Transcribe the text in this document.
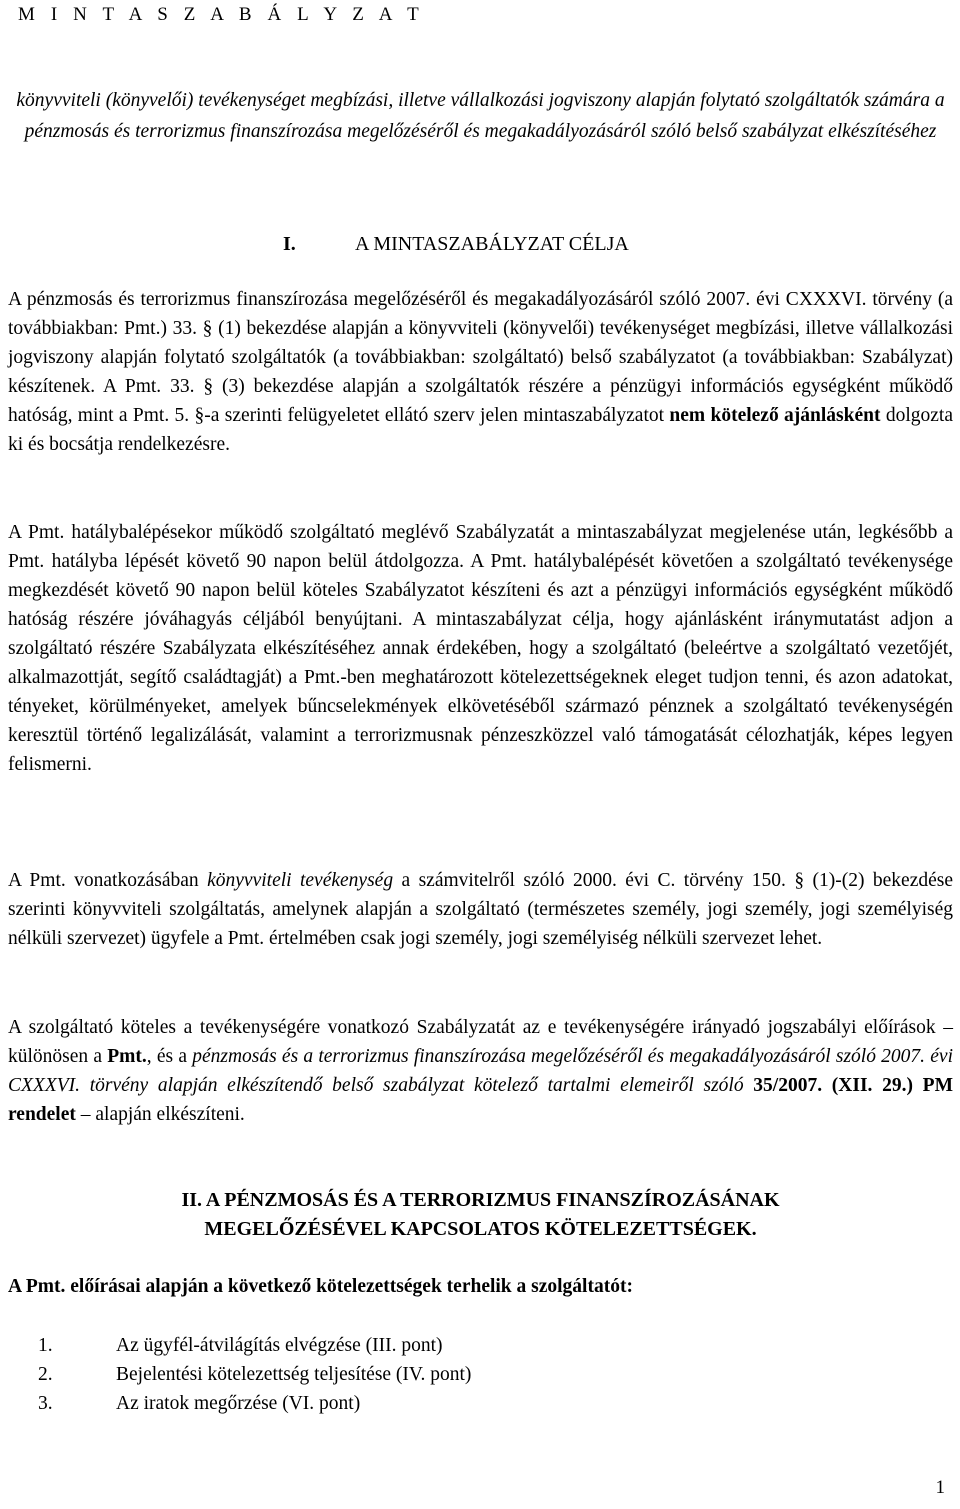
M I N T A S Z A B Á L Y Z A T

könyvviteli (könyvelői) tevékenységet megbízási, illetve vállalkozási jogviszony alapján folytató szolgáltatók számára a pénzmosás és terrorizmus finanszírozása megelőzéséről és megakadályozásáról szóló belső szabályzat elkészítéséhez

I.	A MINTASZABÁLYZAT CÉLJA

A pénzmosás és terrorizmus finanszírozása megelőzéséről és megakadályozásáról szóló 2007. évi CXXXVI. törvény (a továbbiakban: Pmt.) 33. § (1) bekezdése alapján a könyvviteli (könyvelői) tevékenységet megbízási, illetve vállalkozási jogviszony alapján folytató szolgáltatók (a továbbiakban: szolgáltató) belső szabályzatot (a továbbiakban: Szabályzat) készítenek. A Pmt. 33. § (3) bekezdése alapján a szolgáltatók részére a pénzügyi információs egységként működő hatóság, mint a Pmt. 5. §-a szerinti felügyeletet ellátó szerv jelen mintaszabályzatot nem kötelező ajánlásként dolgozta ki és bocsátja rendelkezésre.

A Pmt. hatálybalépésekor működő szolgáltató meglévő Szabályzatát a mintaszabályzat megjelenése után, legkésőbb a Pmt. hatályba lépését követő 90 napon belül átdolgozza. A Pmt. hatálybalépését követően a szolgáltató tevékenysége megkezdését követő 90 napon belül köteles Szabályzatot készíteni és azt a pénzügyi információs egységként működő hatóság részére jóváhagyás céljából benyújtani. A mintaszabályzat célja, hogy ajánlásként iránymutatást adjon a szolgáltató részére Szabályzata elkészítéséhez annak érdekében, hogy a szolgáltató (beleértve a szolgáltató vezetőjét, alkalmazottját, segítő családtagját) a Pmt.-ben meghatározott kötelezettségeknek eleget tudjon tenni, és azon adatokat, tényeket, körülményeket, amelyek bűncselekmények elkövetéséből származó pénznek a szolgáltató tevékenységén keresztül történő legalizálását, valamint a terrorizmusnak pénzeszközzel való támogatását célozhatják, képes legyen felismerni.

A Pmt. vonatkozásában könyvviteli tevékenység a számvitelről szóló 2000. évi C. törvény 150. § (1)-(2) bekezdése szerinti könyvviteli szolgáltatás, amelynek alapján a szolgáltató (természetes személy, jogi személy, jogi személyiség nélküli szervezet) ügyfele a Pmt. értelmében csak jogi személy, jogi személyiség nélküli szervezet lehet.

A szolgáltató köteles a tevékenységére vonatkozó Szabályzatát az e tevékenységére irányadó jogszabályi előírások – különösen a Pmt., és a pénzmosás és a terrorizmus finanszírozása megelőzéséről és megakadályozásáról szóló 2007. évi CXXXVI. törvény alapján elkészítendő belső szabályzat kötelező tartalmi elemeiről szóló 35/2007. (XII. 29.) PM rendelet – alapján elkészíteni.

II. A PÉNZMOSÁS ÉS A TERRORIZMUS FINANSZÍROZÁSÁNAK
MEGELŐZÉSÉVEL KAPCSOLATOS KÖTELEZETTSÉGEK.

A Pmt. előírásai alapján a következő kötelezettségek terhelik a szolgáltatót:

1.	Az ügyfél-átvilágítás elvégzése (III. pont)
2.	Bejelentési kötelezettség teljesítése (IV. pont)
3.	Az iratok megőrzése (VI. pont)
1
